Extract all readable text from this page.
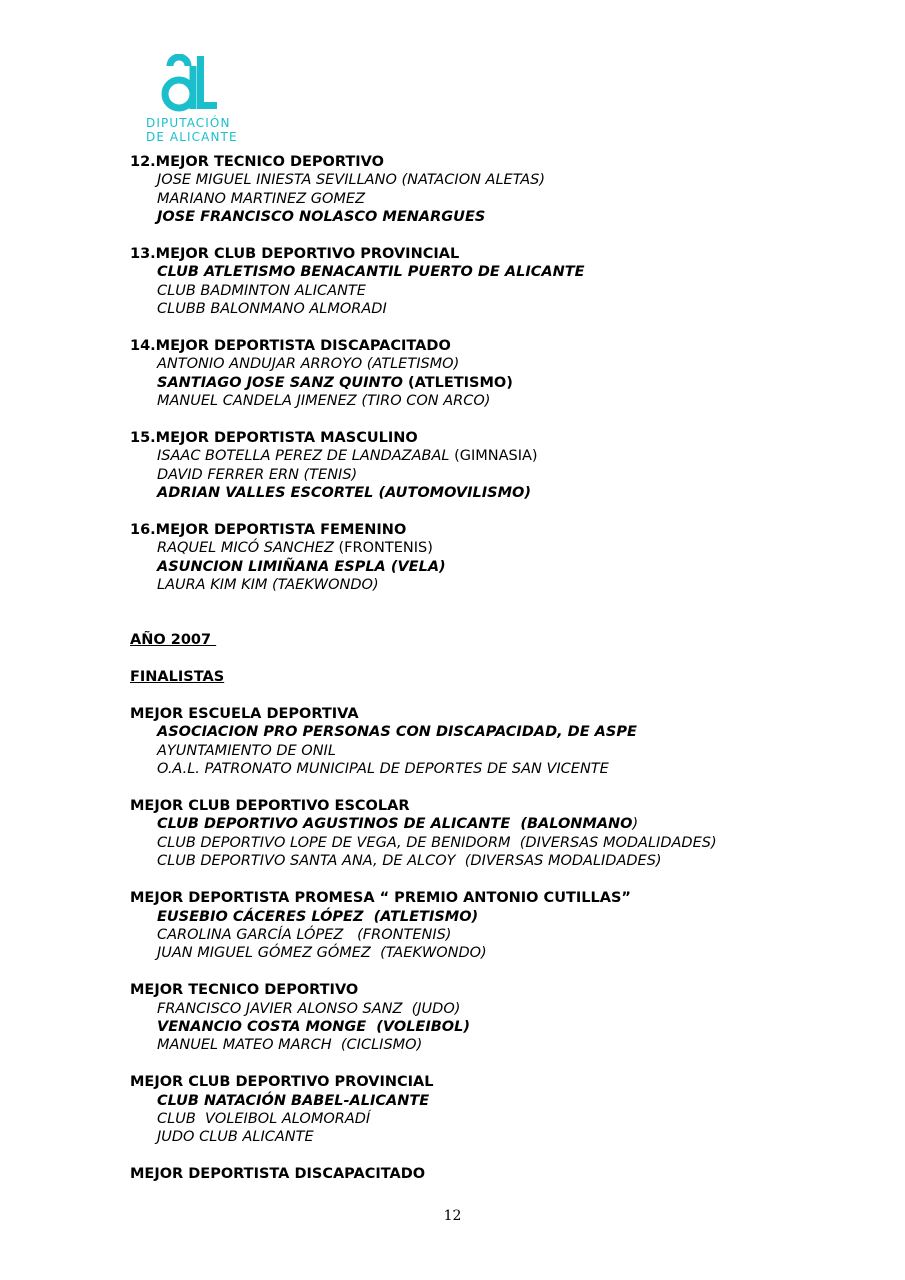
DIPUTACIÓN
DE ALICANTE
12.MEJOR TECNICO DEPORTIVO
JOSE MIGUEL INIESTA SEVILLANO (NATACION ALETAS)
MARIANO MARTINEZ GOMEZ
JOSE FRANCISCO NOLASCO MENARGUES
13.MEJOR CLUB DEPORTIVO PROVINCIAL
CLUB ATLETISMO BENACANTIL PUERTO DE ALICANTE
CLUB BADMINTON ALICANTE
CLUBB BALONMANO ALMORADI
14.MEJOR DEPORTISTA DISCAPACITADO
ANTONIO ANDUJAR ARROYO (ATLETISMO)
SANTIAGO JOSE SANZ QUINTO (ATLETISMO)
MANUEL CANDELA JIMENEZ (TIRO CON ARCO)
15.MEJOR DEPORTISTA MASCULINO
ISAAC BOTELLA PEREZ DE LANDAZABAL (GIMNASIA)
DAVID FERRER ERN (TENIS)
ADRIAN VALLES ESCORTEL (AUTOMOVILISMO)
16.MEJOR DEPORTISTA FEMENINO
RAQUEL MICÓ SANCHEZ (FRONTENIS)
ASUNCION LIMIÑANA ESPLA (VELA)
LAURA KIM KIM (TAEKWONDO)
AÑO 2007
FINALISTAS
MEJOR ESCUELA DEPORTIVA
ASOCIACION PRO PERSONAS CON DISCAPACIDAD, DE ASPE
AYUNTAMIENTO DE ONIL
O.A.L. PATRONATO MUNICIPAL DE DEPORTES DE SAN VICENTE
MEJOR CLUB DEPORTIVO ESCOLAR
CLUB DEPORTIVO AGUSTINOS DE ALICANTE  (BALONMANO)
CLUB DEPORTIVO LOPE DE VEGA, DE BENIDORM  (DIVERSAS MODALIDADES)
CLUB DEPORTIVO SANTA ANA, DE ALCOY  (DIVERSAS MODALIDADES)
MEJOR DEPORTISTA PROMESA “ PREMIO ANTONIO CUTILLAS”
EUSEBIO CÁCERES LÓPEZ  (ATLETISMO)
CAROLINA GARCÍA LÓPEZ   (FRONTENIS)
JUAN MIGUEL GÓMEZ GÓMEZ  (TAEKWONDO)
MEJOR TECNICO DEPORTIVO
FRANCISCO JAVIER ALONSO SANZ  (JUDO)
VENANCIO COSTA MONGE  (VOLEIBOL)
MANUEL MATEO MARCH  (CICLISMO)
MEJOR CLUB DEPORTIVO PROVINCIAL
CLUB NATACIÓN BABEL-ALICANTE
CLUB  VOLEIBOL ALOMORADÍ
JUDO CLUB ALICANTE
MEJOR DEPORTISTA DISCAPACITADO
12
